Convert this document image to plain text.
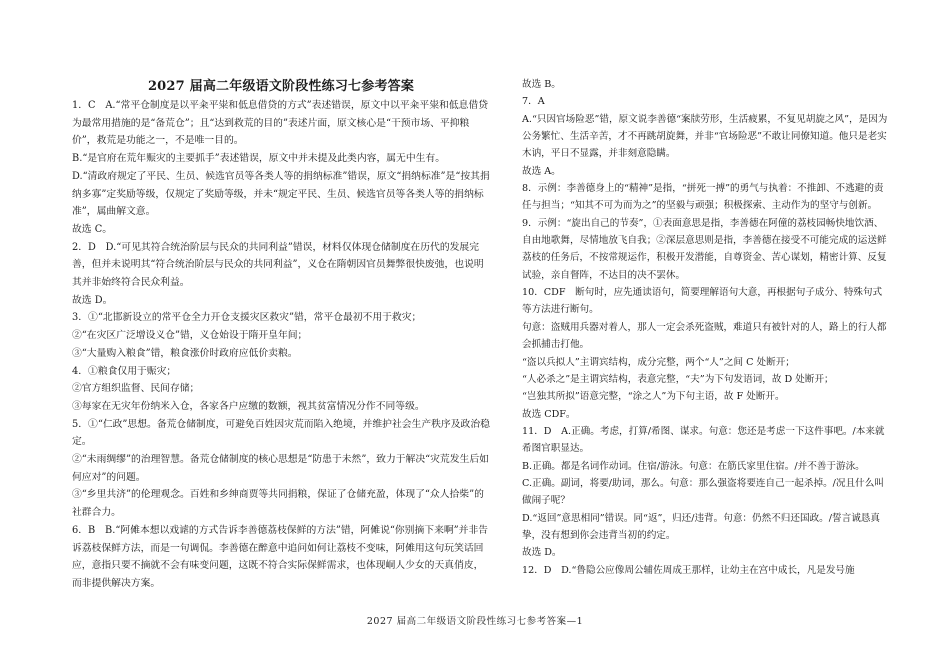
2027 届高二年级语文阶段性练习七参考答案

1．C　A.“常平仓制度是以平籴平粜和低息借贷的方式”表述错误，原文中以平籴平粜和低息借贷为最常用措施的是“备荒仓”；且“达到救荒的目的”表述片面，原文核心是“干预市场、平抑粮价”，救荒是功能之一，不是唯一目的。

B.“是官府在荒年赈灾的主要抓手”表述错误，原文中并未提及此类内容，属无中生有。

D.“清政府规定了平民、生员、候选官员等各类人等的捐纳标准”错误，原文“捐纳标准”是“按其捐纳多寡”定奖励等级，仅规定了奖励等级，并未“规定平民、生员、候选官员等各类人等的捐纳标准”，属曲解文意。

故选 C。

2．D　D.“可见其符合统治阶层与民众的共同利益”错误，材料仅体现仓储制度在历代的发展完善，但并未说明其“符合统治阶层与民众的共同利益”，义仓在隋朝因官员舞弊很快废弛，也说明其并非始终符合民众利益。

故选 D。

3．①“北邯新设立的常平仓全力开仓支援灾区救灾”错，常平仓最初不用于救灾；

②“在灾区广泛增设义仓”错，义仓始设于隋开皇年间；

③“大量购入粮食”错，粮食涨价时政府应低价卖粮。

4．①粮食仅用于赈灾；

②官方组织监督、民间存储；

③每家在无灾年份纳米入仓，各家各户应缴的数额，视其贫富情况分作不同等级。

5．①“仁政”思想。备荒仓储制度，可避免百姓因灾荒而陷入绝境，并维护社会生产秩序及政治稳定。

②“未雨绸缪”的治理智慧。备荒仓储制度的核心思想是“防患于未然”，致力于解决“灾荒发生后如何应对”的问题。

③“乡里共济”的伦理观念。百姓和乡绅商贾等共同捐粮，保证了仓储充盈，体现了“众人拾柴”的社群合力。

6．B　B.“阿傩本想以戏谑的方式告诉李善德荔枝保鲜的方法”错，阿傩说“你别摘下来啊”并非告诉荔枝保鲜方法，而是一句调侃。李善德在醉意中追问如何让荔枝不变味，阿傩用这句玩笑话回应，意指只要不摘就不会有味变问题，这既不符合实际保鲜需求，也体现峒人少女的天真俏皮，而非提供解决方案。

故选 B。

7．A

A.“只因官场险恶”错，原文说李善德“案牍劳形，生活疲累，不复见胡旋之风”，是因为公务繁忙、生活辛苦，才不再跳胡旋舞，并非“官场险恶”不敢让同僚知道。他只是老实木讷，平日不显露，并非刻意隐瞒。

故选 A。

8．示例：李善德身上的“精神”是指，“拼死一搏”的勇气与执着：不推卸、不逃避的责任与担当；“知其不可为而为之”的坚毅与顽强；积极探索、主动作为的坚守与创新。

9．示例：“旋出自己的节奏”，①表面意思是指，李善德在阿僮的荔枝园畅快地饮酒、自由地歌舞，尽情地放飞自我；②深层意思则是指，李善德在接受不可能完成的运送鲜荔枝的任务后，不按常规运作，积极开发潜能，自尊资金、苦心谋划，精密计算、反复试验，亲自督阵，不达目的决不罢休。

10．CDF　断句时，应先通读语句，简要理解语句大意，再根据句子成分、特殊句式等方法进行断句。

句意：盗贼用兵器对着人，那人一定会杀死盗贼，难道只有被针对的人，路上的行人都会抓捕击打他。

“盗以兵拟人”主谓宾结构，成分完整，两个“人”之间 C 处断开；

“人必杀之”是主谓宾结构，表意完整，“夫”为下句发语词，故 D 处断开；

“岂独其所拟”语意完整，“涂之人”为下句主语，故 F 处断开。

故选 CDF。

11．D　A.正确。考虑，打算/希图、谋求。句意：您还是考虑一下这件事吧。/本来就希图官职显达。

B.正确。都是名词作动词。住宿/游泳。句意：在筋氏家里住宿。/并不善于游泳。

C.正确。副词，将要/助词，那么。句意：那么强盗将要连自己一起杀掉。/况且什么叫做闹子呢？

D.“返回”意思相同”错误。同“返”，归还/违背。句意：仍然不归还国政。/誓言诚恳真挚，没有想到你会违背当初的约定。

故选 D。

12．D　D.“鲁隐公应像周公辅佐周成王那样，让幼主在宫中成长，凡是发号施

2027 届高二年级语文阶段性练习七参考答案—1
